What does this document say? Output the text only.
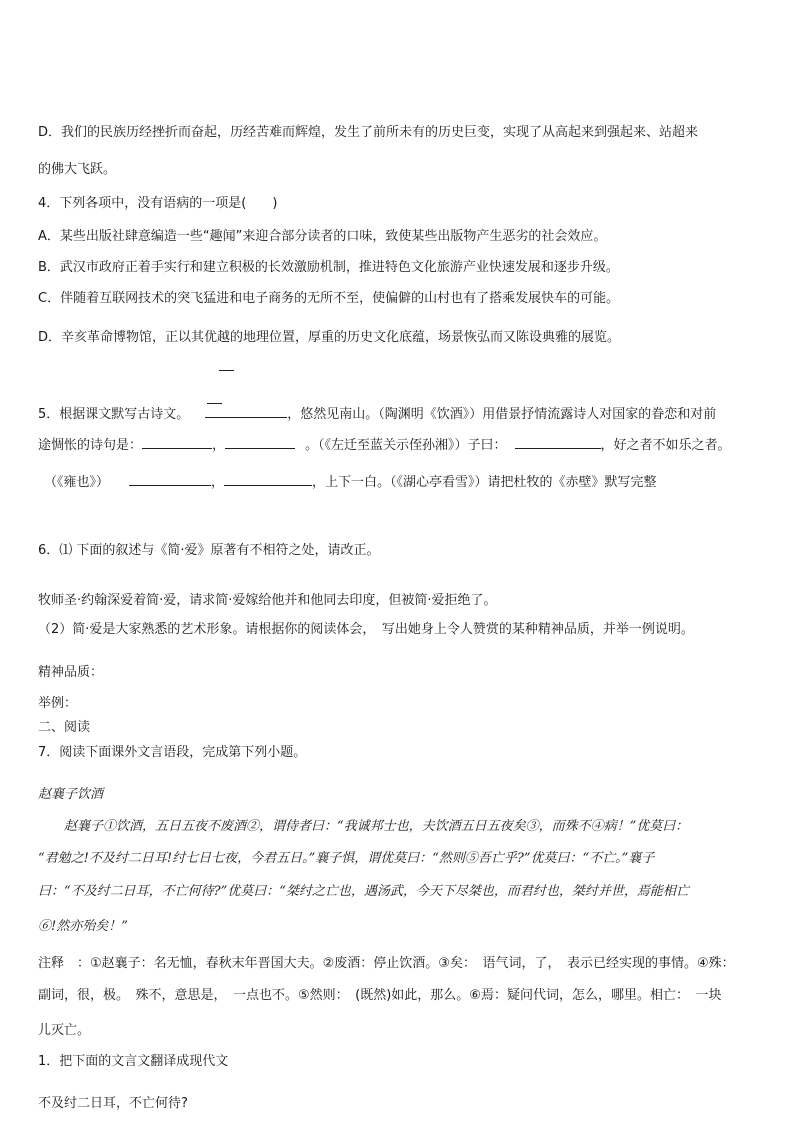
D．我们的民族历经挫折而奋起，历经苦难而辉煌，发生了前所未有的历史巨变，实现了从高起来到强起来、站超来
的佛大飞跃。
4．下列各项中，没有语病的一项是(　　)
A．某些出版社肆意编造一些“趣闻”来迎合部分读者的口味，致使某些出版物产生恶劣的社会效应。
B．武汉市政府正着手实行和建立积极的长效激励机制，推进特色文化旅游产业快速发展和逐步升级。
C．伴随着互联网技术的突飞猛进和电子商务的无所不至，使偏僻的山村也有了搭乘发展快车的可能。
D．辛亥革命博物馆，正以其优越的地理位置，厚重的历史文化底蕴，场景恢弘而又陈设典雅的展览。
5．根据课文默写古诗文。	，悠然见南山。（陶渊明《饮酒》）用借景抒情流露诗人对国家的眷恋和对前
途惆怅的诗句是：	，	。（《左迁至蓝关示侄孙湘》）子曰：	，好之者不如乐之者。
（《雍也》）	，	，上下一白。（《湖心亭看雪》）请把杜牧的《赤壁》默写完整
6．⑴ 下面的叙述与《简·爱》原著有不相符之处，请改正。
牧师圣·约翰深爱着简·爱，请求简·爱嫁给他并和他同去印度，但被简·爱拒绝了。
（2）简·爱是大家熟悉的艺术形象。请根据你的阅读体会，　写出她身上令人赞赏的某种精神品质，并举一例说明。
精神品质：
举例：
二、阅读
7．阅读下面课外文言语段，完成第下列小题。
赵襄子饮酒
赵襄子①饮酒，五日五夜不废酒②，谓侍者曰：“我诚邦士也，夫饮酒五日五夜矣③，而殊不④病！”优莫曰：
“君勉之!不及纣二日耳!纣七日七夜，今君五日。”襄子惧，谓优莫曰：“然则⑤吾亡乎?”优莫曰：“不亡。”襄子
曰：“不及纣二日耳，不亡何待?”优莫曰：“桀纣之亡也，遇汤武，今天下尽桀也，而君纣也，桀纣并世，焉能相亡
⑥!然亦殆矣！”
注释　：①赵襄子：名无恤，春秋末年晋国大夫。②废酒：停止饮酒。③矣：　语气词，了，　表示已经实现的事情。④殊：
副词，很，极。　殊不，意思是，　一点也不。⑤然则：　(既然)如此，那么。⑥焉：疑问代词，怎么，哪里。相亡：　一块
儿灭亡。
1．把下面的文言文翻译成现代文
不及纣二日耳，不亡何待?
